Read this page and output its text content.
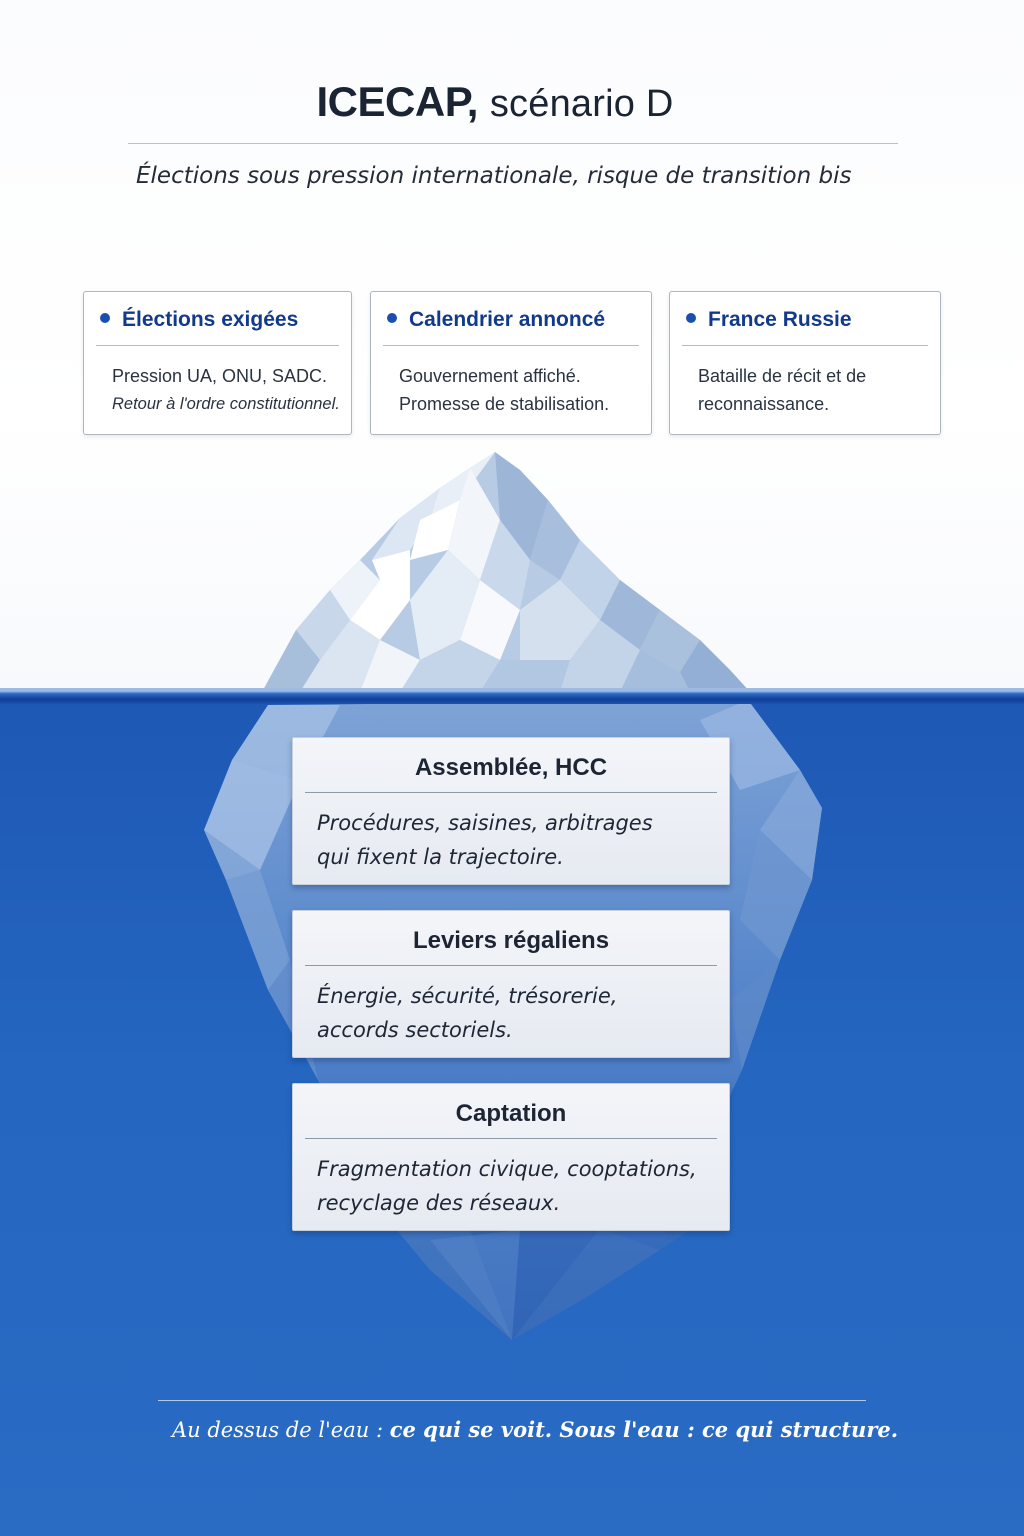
ICECAP, scénario D
Élections sous pression internationale, risque de transition bis
Élections exigées
Pression UA, ONU, SADC.
Retour à l'ordre constitutionnel.
Calendrier annoncé
Gouvernement affiché.
Promesse de stabilisation.
France Russie
Bataille de récit et de
reconnaissance.
Assemblée, HCC
Procédures, saisines, arbitrages
qui fixent la trajectoire.
Leviers régaliens
Énergie, sécurité, trésorerie,
accords sectoriels.
Captation
Fragmentation civique, cooptations,
recyclage des réseaux.
Au dessus de l'eau : ce qui se voit. Sous l'eau : ce qui structure.
